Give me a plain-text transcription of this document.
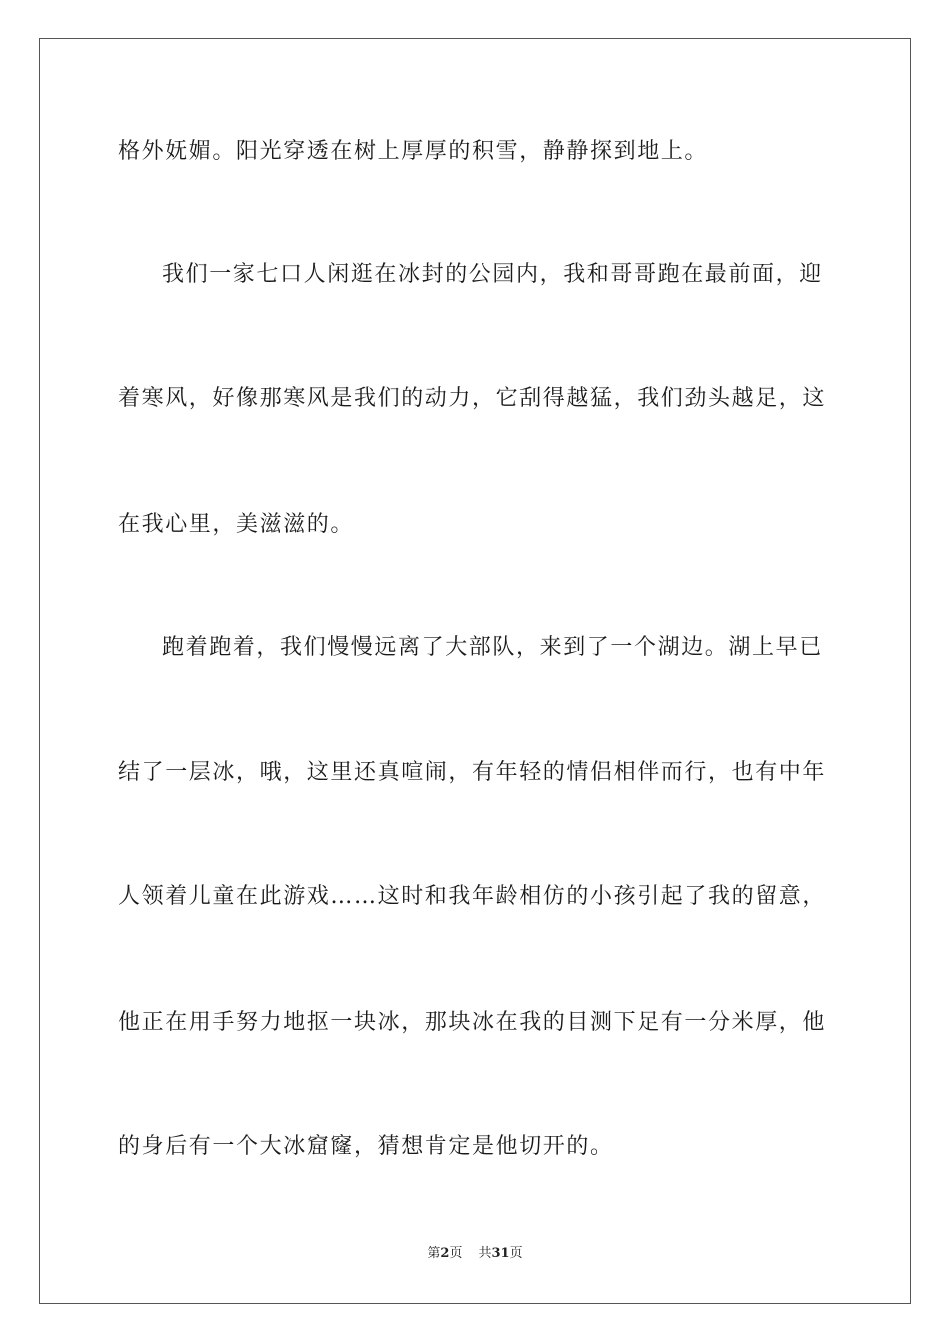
格外妩媚。阳光穿透在树上厚厚的积雪，静静探到地上。
我们一家七口人闲逛在冰封的公园内，我和哥哥跑在最前面，迎
着寒风，好像那寒风是我们的动力，它刮得越猛，我们劲头越足，这
在我心里，美滋滋的。
跑着跑着，我们慢慢远离了大部队，来到了一个湖边。湖上早已
结了一层冰，哦，这里还真喧闹，有年轻的情侣相伴而行，也有中年
人领着儿童在此游戏……这时和我年龄相仿的小孩引起了我的留意，
他正在用手努力地抠一块冰，那块冰在我的目测下足有一分米厚，他
的身后有一个大冰窟窿，猜想肯定是他切开的。
第2页 共31页
